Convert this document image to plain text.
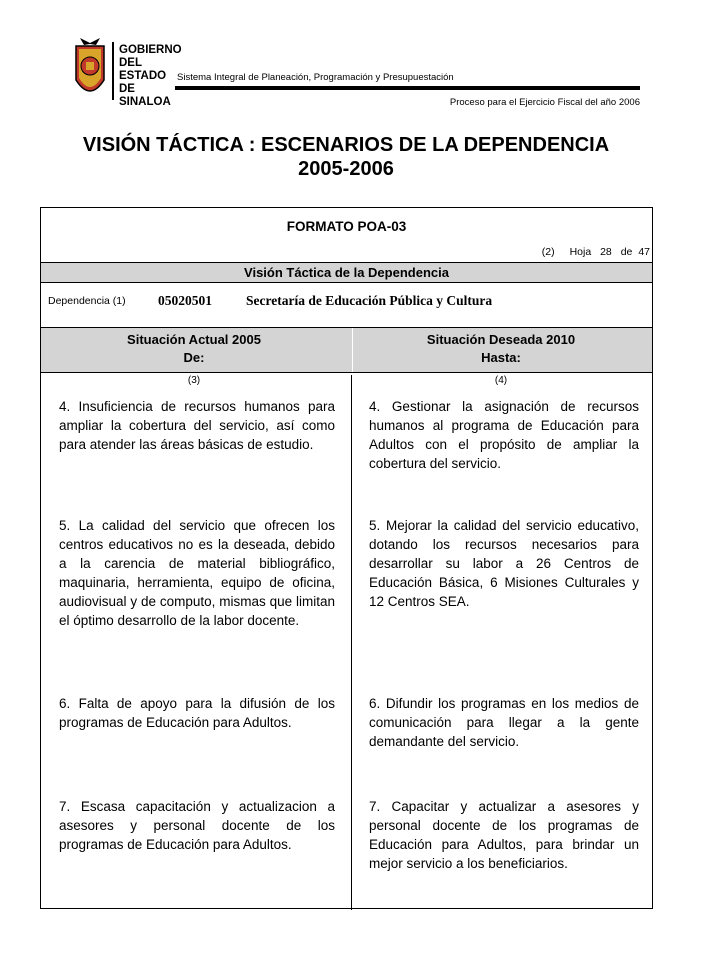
GOBIERNO
DEL ESTADO
DE SINALOA
Sistema Integral de Planeación, Programación y Presupuestación
Proceso para el Ejercicio Fiscal del año 2006
VISIÓN TÁCTICA : ESCENARIOS DE LA DEPENDENCIA
2005-2006
FORMATO POA-03
(2) Hoja 28 de 47
Visión Táctica de la Dependencia
Dependencia (1) 05020501	Secretaría de Educación Pública y Cultura
Situación Actual 2005
De:
Situación Deseada 2010
Hasta:
(3)	(4)
4. Insuficiencia de recursos humanos para ampliar la cobertura del servicio, así como para atender las áreas básicas de estudio.
4. Gestionar la asignación de recursos humanos al programa de Educación para Adultos con el propósito de ampliar la cobertura del servicio.
5. La calidad del servicio que ofrecen los centros educativos no es la deseada, debido a la carencia de material bibliográfico, maquinaria, herramienta, equipo de oficina, audiovisual y de computo, mismas que limitan el óptimo desarrollo de la labor docente.
5. Mejorar la calidad del servicio educativo, dotando los recursos necesarios para desarrollar su labor a 26 Centros de Educación Básica, 6 Misiones Culturales y 12 Centros SEA.
6. Falta de apoyo para la difusión de los programas de Educación para Adultos.
6. Difundir los programas en los medios de comunicación para llegar a la gente demandante del servicio.
7. Escasa capacitación y actualizacion a asesores y personal docente de los programas de Educación para Adultos.
7. Capacitar y actualizar a asesores y personal docente de los programas de Educación para Adultos, para brindar un mejor servicio a los beneficiarios.
